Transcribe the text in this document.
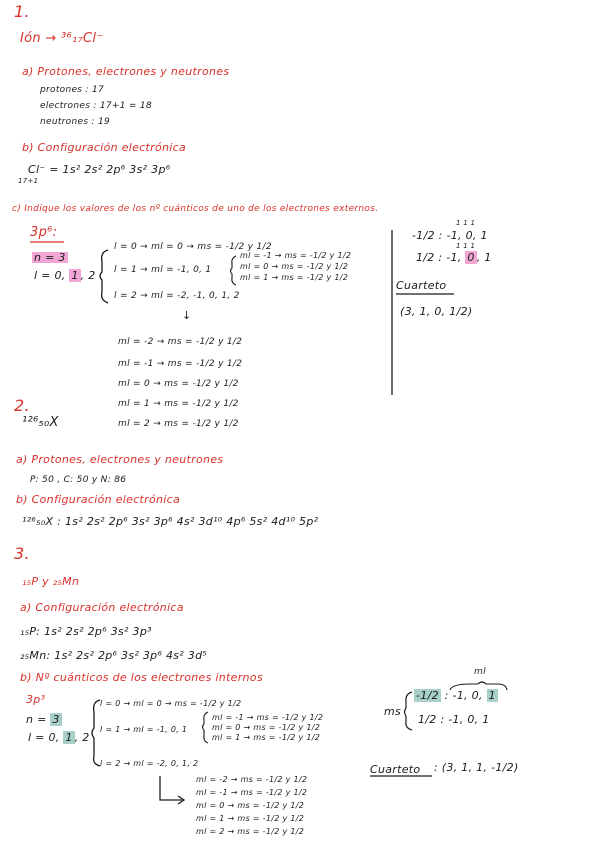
1.
Ión → ³⁶₁₇Cl⁻
a) Protones, electrones y neutrones
protones : 17
electrones : 17+1 = 18
neutrones : 19
b) Configuración electrónica
Cl⁻ = 1s² 2s² 2p⁶ 3s² 3p⁶
17+1
c) Indique los valores de los nº cuánticos de uno de los electrones externos.
3p⁶:
n = 3
l = 0, 1 , 2
l = 0 → ml = 0 → ms = -1/2 y 1/2
l = 1 → ml = -1, 0, 1
ml = -1 → ms = -1/2 y 1/2
ml = 0 → ms = -1/2 y 1/2
ml = 1 → ms = -1/2 y 1/2
l = 2 → ml = -2, -1, 0, 1, 2
↓
ml = -2 → ms = -1/2 y 1/2
ml = -1 → ms = -1/2 y 1/2
ml = 0 → ms = -1/2 y 1/2
ml = 1 → ms = -1/2 y 1/2
ml = 2 → ms = -1/2 y 1/2
1 1 1
-1/2 : -1, 0, 1
1 1 1
1/2 : -1, 0 , 1
Cuarteto
(3, 1, 0, 1/2)
2.
¹²⁶₅₀X
a) Protones, electrones y neutrones
P: 50 , C: 50 y N: 86
b) Configuración electrónica
¹²⁶₅₀X : 1s² 2s² 2p⁶ 3s² 3p⁶ 4s² 3d¹⁰ 4p⁶ 5s² 4d¹⁰ 5p²
3.
₁₅P y ₂₅Mn
a) Configuración electrónica
₁₅P: 1s² 2s² 2p⁶ 3s² 3p³
₂₅Mn: 1s² 2s² 2p⁶ 3s² 3p⁶ 4s² 3d⁵
b) Nº cuánticos de los electrones internos
3p³
n = 3
l = 0, 1 , 2
l = 0 → ml = 0 → ms = -1/2 y 1/2
l = 1 → ml = -1, 0, 1
ml = -1 → ms = -1/2 y 1/2
ml = 0 → ms = -1/2 y 1/2
ml = 1 → ms = -1/2 y 1/2
l = 2 → ml = -2, 0, 1, 2
ml = -2 → ms = -1/2 y 1/2
ml = -1 → ms = -1/2 y 1/2
ml = 0 → ms = -1/2 y 1/2
ml = 1 → ms = -1/2 y 1/2
ml = 2 → ms = -1/2 y 1/2
ml
ms
-1/2 : -1, 0, 1
1/2 : -1, 0, 1
Cuarteto : (3, 1, 1, -1/2)
